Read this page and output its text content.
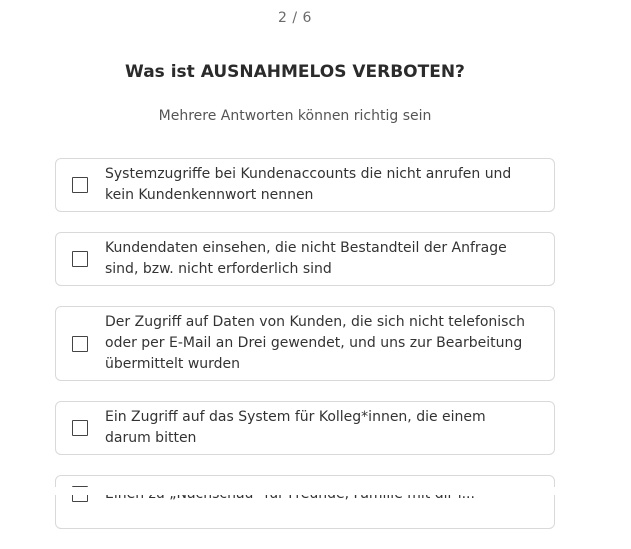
2 / 6
Was ist AUSNAHMELOS VERBOTEN?
Mehrere Antworten können richtig sein
Systemzugriffe bei Kundenaccounts die nicht anrufen und
kein Kundenkennwort nennen
Kundendaten einsehen, die nicht Bestandteil der Anfrage
sind, bzw. nicht erforderlich sind
Der Zugriff auf Daten von Kunden, die sich nicht telefonisch
oder per E-Mail an Drei gewendet, und uns zur Bearbeitung
übermittelt wurden
Ein Zugriff auf das System für Kolleg*innen, die einem
darum bitten
